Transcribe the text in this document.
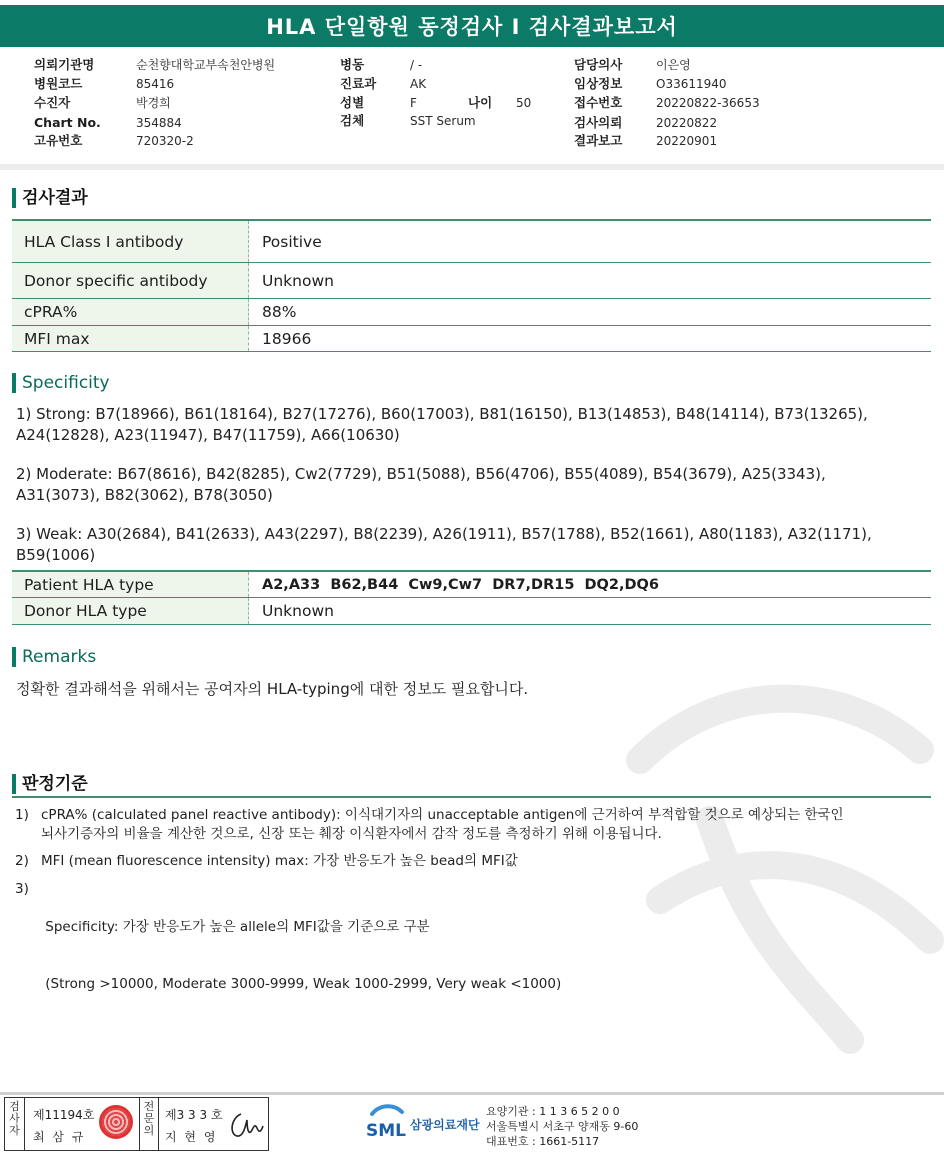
HLA 단일항원 동정검사 I 검사결과보고서
의뢰기관명	순천향대학교부속천안병원
병원코드	85416
수진자	박경희
Chart No.	354884
고유번호	720320-2
병동	/ -
진료과	AK
성별	F	나이 50
검체	SST Serum
담당의사	이은영
임상정보	O33611940
접수번호	20220822-36653
검사의뢰	20220822
결과보고	20220901
검사결과
HLA Class I antibody	Positive
Donor specific antibody	Unknown
cPRA%	88%
MFI max	18966
Specificity
1) Strong: B7(18966), B61(18164), B27(17276), B60(17003), B81(16150), B13(14853), B48(14114), B73(13265),
A24(12828), A23(11947), B47(11759), A66(10630)
2) Moderate: B67(8616), B42(8285), Cw2(7729), B51(5088), B56(4706), B55(4089), B54(3679), A25(3343),
A31(3073), B82(3062), B78(3050)
3) Weak: A30(2684), B41(2633), A43(2297), B8(2239), A26(1911), B57(1788), B52(1661), A80(1183), A32(1171),
B59(1006)
Patient HLA type	A2,A33  B62,B44  Cw9,Cw7  DR7,DR15  DQ2,DQ6
Donor HLA type	Unknown
Remarks
정확한 결과해석을 위해서는 공여자의 HLA-typing에 대한 정보도 필요합니다.
판정기준
1) cPRA% (calculated panel reactive antibody): 이식대기자의 unacceptable antigen에 근거하여 부적합할 것으로 예상되는 한국인
뇌사기증자의 비율을 계산한 것으로, 신장 또는 췌장 이식환자에서 감작 정도를 측정하기 위해 이용됩니다.
2) MFI (mean fluorescence intensity) max: 가장 반응도가 높은 bead의 MFI값
3)

Specificity: 가장 반응도가 높은 allele의 MFI값을 기준으로 구분

(Strong >10000, Moderate 3000-9999, Weak 1000-2999, Very weak <1000)

검
사
자
제11194호
최 삼 규
전
문
의
제3 3 3 호
지 현 영	SML 삼광의료재단
요양기관 : 1 1 3 6 5 2 0 0
서울특별시 서초구 양재동 9-60
대표번호 : 1661-5117
